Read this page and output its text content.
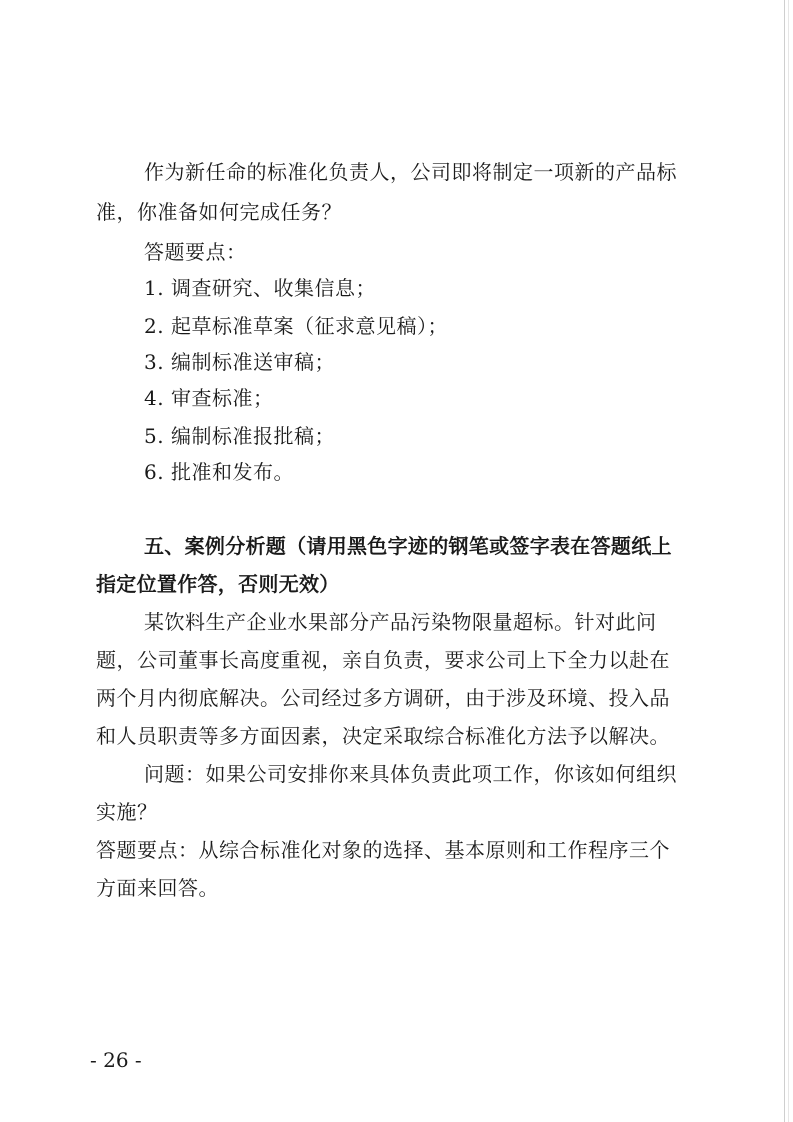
作为新任命的标准化负责人，公司即将制定一项新的产品标
准，你准备如何完成任务？
答题要点：
1. 调查研究、收集信息；
2. 起草标准草案（征求意见稿）；
3. 编制标准送审稿；
4. 审查标准；
5. 编制标准报批稿；
6. 批准和发布。
五、案例分析题（请用黑色字迹的钢笔或签字表在答题纸上
指定位置作答，否则无效）
某饮料生产企业水果部分产品污染物限量超标。针对此问
题，公司董事长高度重视，亲自负责，要求公司上下全力以赴在
两个月内彻底解决。公司经过多方调研，由于涉及环境、投入品
和人员职责等多方面因素，决定采取综合标准化方法予以解决。
问题：如果公司安排你来具体负责此项工作，你该如何组织
实施？
答题要点：从综合标准化对象的选择、基本原则和工作程序三个
方面来回答。
- 26 -
